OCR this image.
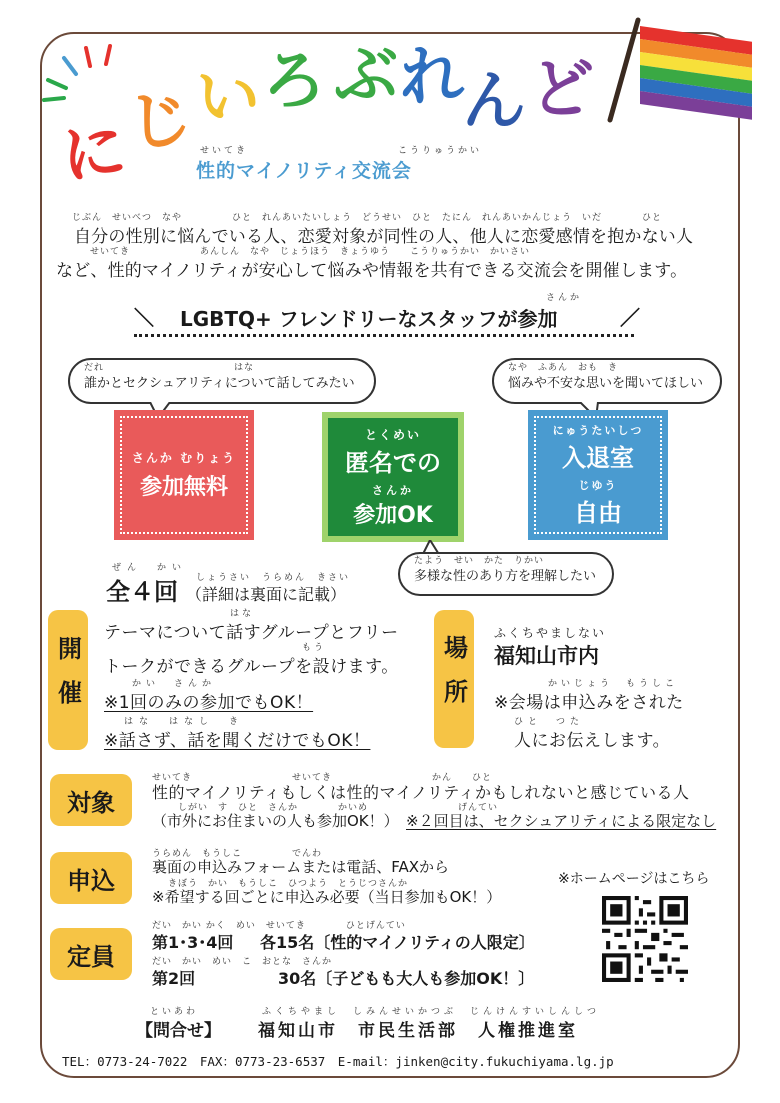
に
じ い ろ ぶ れ
ん ど
せいてき	こうりゅうかい
性的マイノリティ交流会
じぶん　せいべつ　なや　　　　　ひと　れんあいたいしょう　どうせい　ひと　たにん　れんあいかんじょう　いだ　　　　ひと
自分の性別に悩んでいる人、恋愛対象が同性の人、他人に恋愛感情を抱かない人
せいてき　　　　　　　あんしん　なや　じょうほう　きょうゆう　　こうりゅうかい　かいさい
など、性的マイノリティが安心して悩みや情報を共有できる交流会を開催します。
さんか
＼	／
LGBTQ+ フレンドリーなスタッフが参加
だれ　　　　　　　　　　　　　はな
誰かとセクシュアリティについて話してみたい
なや　ふあん　おも　き
悩みや不安な思いを聞いてほしい
さんか むりょう
参加無料
とくめい
匿名での
さんか
参加OK
にゅうたいしつ
入退室
じゆう
自由
たよう　せい　かた　りかい
多様な性のあり方を理解したい
ぜん　かい
全４回 しょうさい　うらめん　きさい
（詳細は裏面に記載）
開催
はな
テーマについて話すグループとフリー
もう
トークができるグループを設けます。
かい　さんか
※1回のみの参加でもOK！
はな　はなし　き
※話さず、話を聞くだけでもOK！
場所
ふくちやましない
福知山市内
かいじょう　もうしこ
※会場は申込みをされた
ひと　つた
人にお伝えします。
対象
せいてき　　　　　　　　　　せいてき　　　　　　　　　　かん　　ひと
性的マイノリティもしくは性的マイノリティかもしれないと感じている人
しがい　す　ひと　さんか　　　　かいめ　　　　　　　　　げんてい
（市外にお住まいの人も参加OK！） ※２回目は、セクシュアリティによる限定なし
申込
うらめん　もうしこ　　　　　でんわ
裏面の申込みフォームまたは電話、FAXから
きぼう　かい　もうしこ　ひつよう　とうじつさんか
※希望する回ごとに申込み必要（当日参加もOK！）
※ホームページはこちら
定員
だい　かい かく　めい　せいてき　　　　ひとげんてい
第1･3･4回 各15名〔性的マイノリティの人限定〕
だい　かい　めい　こ　おとな　さんか
第2回	30名〔子どもも大人も参加OK！〕
といあわ
【問合せ】
ふくちやまし　しみんせいかつぶ　じんけんすいしんしつ
福知山市　市民生活部　人権推進室
TEL：0773-24-7022　FAX：0773-23-6537　E-mail：jinken@city.fukuchiyama.lg.jp
